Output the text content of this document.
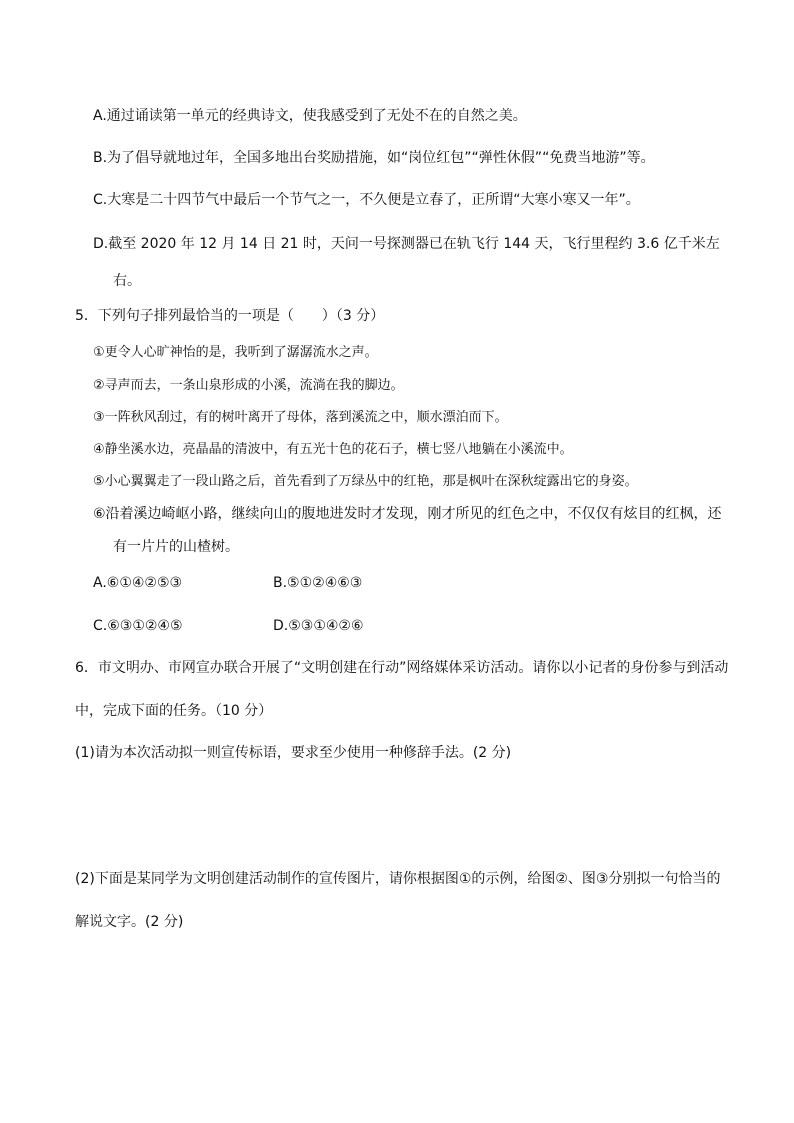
A.通过诵读第一单元的经典诗文，使我感受到了无处不在的自然之美。
B.为了倡导就地过年，全国多地出台奖励措施，如“岗位红包”“弹性休假”“免费当地游”等。
C.大寒是二十四节气中最后一个节气之一，不久便是立春了，正所谓“大寒小寒又一年”。
D.截至 2020 年 12 月 14 日 21 时，天问一号探测器已在轨飞行 144 天，飞行里程约 3.6 亿千米左
右。
5．下列句子排列最恰当的一项是（　　）（3 分）
①更令人心旷神怡的是，我听到了潺潺流水之声。
②寻声而去，一条山泉形成的小溪，流淌在我的脚边。
③一阵秋风刮过，有的树叶离开了母体，落到溪流之中，顺水漂泊而下。
④静坐溪水边，亮晶晶的清波中，有五光十色的花石子，横七竖八地躺在小溪流中。
⑤小心翼翼走了一段山路之后，首先看到了万绿丛中的红艳，那是枫叶在深秋绽露出它的身姿。
⑥沿着溪边崎岖小路，继续向山的腹地进发时才发现，刚才所见的红色之中，不仅仅有炫目的红枫，还
有一片片的山楂树。
A.⑥①④②⑤③	B.⑤①②④⑥③
C.⑥③①②④⑤	D.⑤③①④②⑥
6．市文明办、市网宣办联合开展了“文明创建在行动”网络媒体采访活动。请你以小记者的身份参与到活动
中，完成下面的任务。（10 分）
(1)请为本次活动拟一则宣传标语，要求至少使用一种修辞手法。(2 分)
(2)下面是某同学为文明创建活动制作的宣传图片，请你根据图①的示例，给图②、图③分别拟一句恰当的
解说文字。(2 分)
